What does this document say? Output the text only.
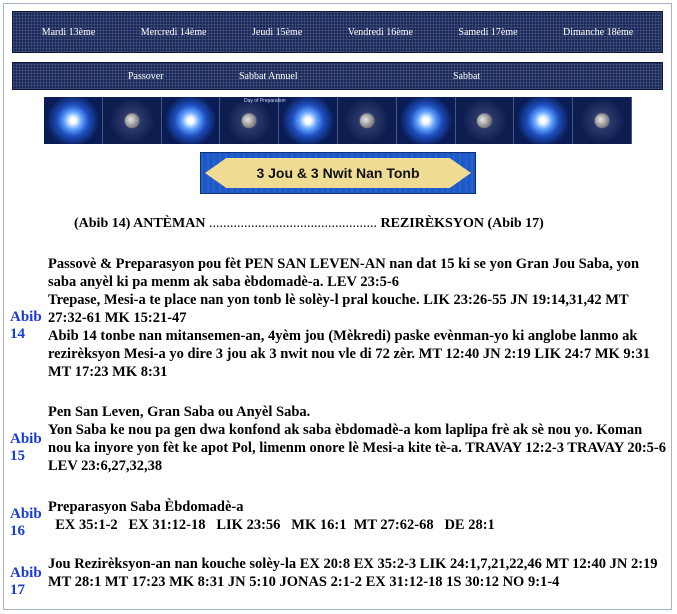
Mardi 13ème	Mercredi 14ème	Jeudi 15ème	Vendredi 16ème	Samedi 17ème	Dimanche 18ème
Passover	Sabbat Annuel	Sabbat
Day of Preparation
3 Jou & 3 Nwit Nan Tonb
(Abib 14) ANTÈMAN ................................................ REZIRÈKSYON (Abib 17)
Abib 14

Passovè & Preparasyon pou fèt PEN SAN LEVEN-AN nan dat 15 ki se yon Gran Jou Saba, yon saba anyèl ki pa menm ak saba èbdomadè-a. LEV 23:5-6

Trepase, Mesi-a te place nan yon tonb lè solèy-l pral kouche. LIK 23:26-55 JN 19:14,31,42 MT 27:32-61 MK 15:21-47

Abib 14 tonbe nan mitansemen-an, 4yèm jou (Mèkredi) paske evènman-yo ki anglobe lanmo ak rezirèksyon Mesi-a yo dire 3 jou ak 3 nwit nou vle di 72 zèr. MT 12:40 JN 2:19 LIK 24:7 MK 9:31 MT 17:23 MK 8:31

Abib 15

Pen San Leven, Gran Saba ou Anyèl Saba.

Yon Saba ke nou pa gen dwa konfond ak saba èbdomadè-a kom laplipa frè ak sè nou yo. Koman nou ka inyore yon fèt ke apot Pol, limenm onore lè Mesi-a kite tè-a. TRAVAY 12:2-3 TRAVAY 20:5-6 LEV 23:6,27,32,38

Abib 16

Preparasyon Saba Èbdomadè-a

EX 35:1-2   EX 31:12-18   LIK 23:56   MK 16:1  MT 27:62-68   DE 28:1

Abib 17

Jou Rezirèksyon-an nan kouche solèy-la EX 20:8 EX 35:2-3 LIK 24:1,7,21,22,46 MT 12:40 JN 2:19 MT 28:1 MT 17:23 MK 8:31 JN 5:10 JONAS 2:1-2 EX 31:12-18 1S 30:12 NO 9:1-4
